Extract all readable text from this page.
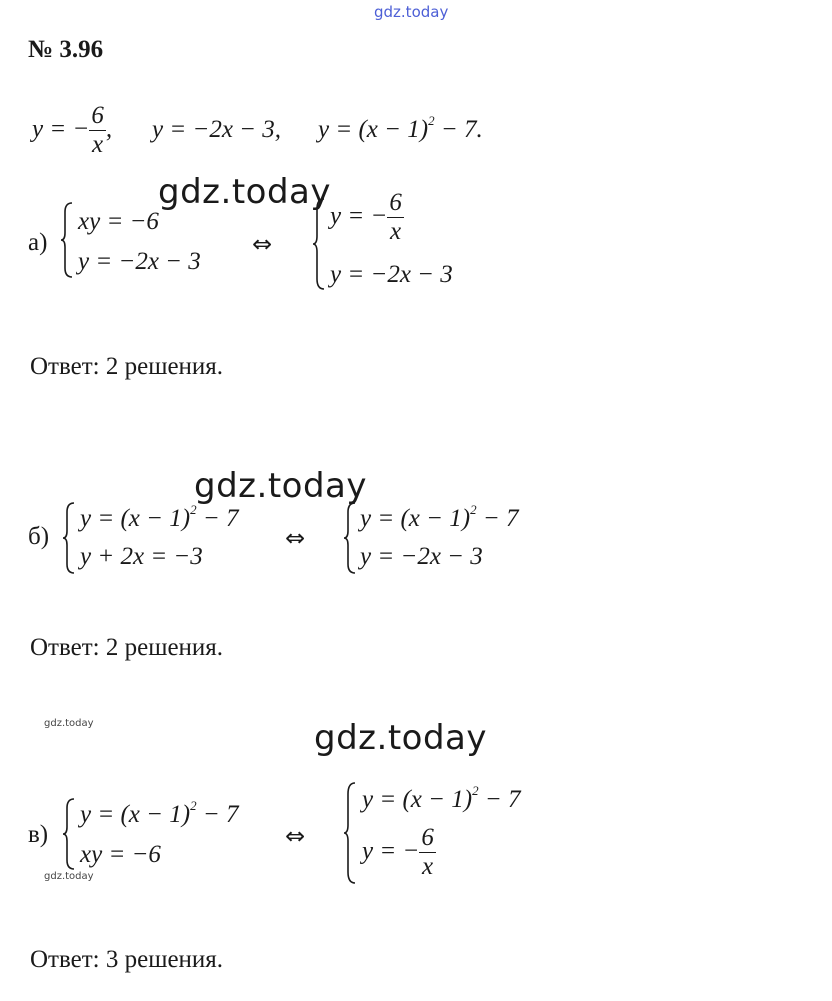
gdz.today
gdz.today
gdz.today
gdz.today
gdz.today
gdz.today
№ 3.96
y = − $\frac{6}{x}$ , y = −2x − 3, $y = (x - 1)^2 - 7$.
а)
xy = −6
y = −2x − 3
⇔
y = − $\frac{6}{x}$
y = −2x − 3
Ответ: 2 решения.
б)
$y = (x - 1)^2 - 7$
y + 2x = −3
⇔
$y = (x - 1)^2 - 7$
y = −2x − 3
Ответ: 2 решения.
в)
$y = (x - 1)^2 - 7$
xy = −6
⇔
$y = (x - 1)^2 - 7$
y = − $\frac{6}{x}$
Ответ: 3 решения.
